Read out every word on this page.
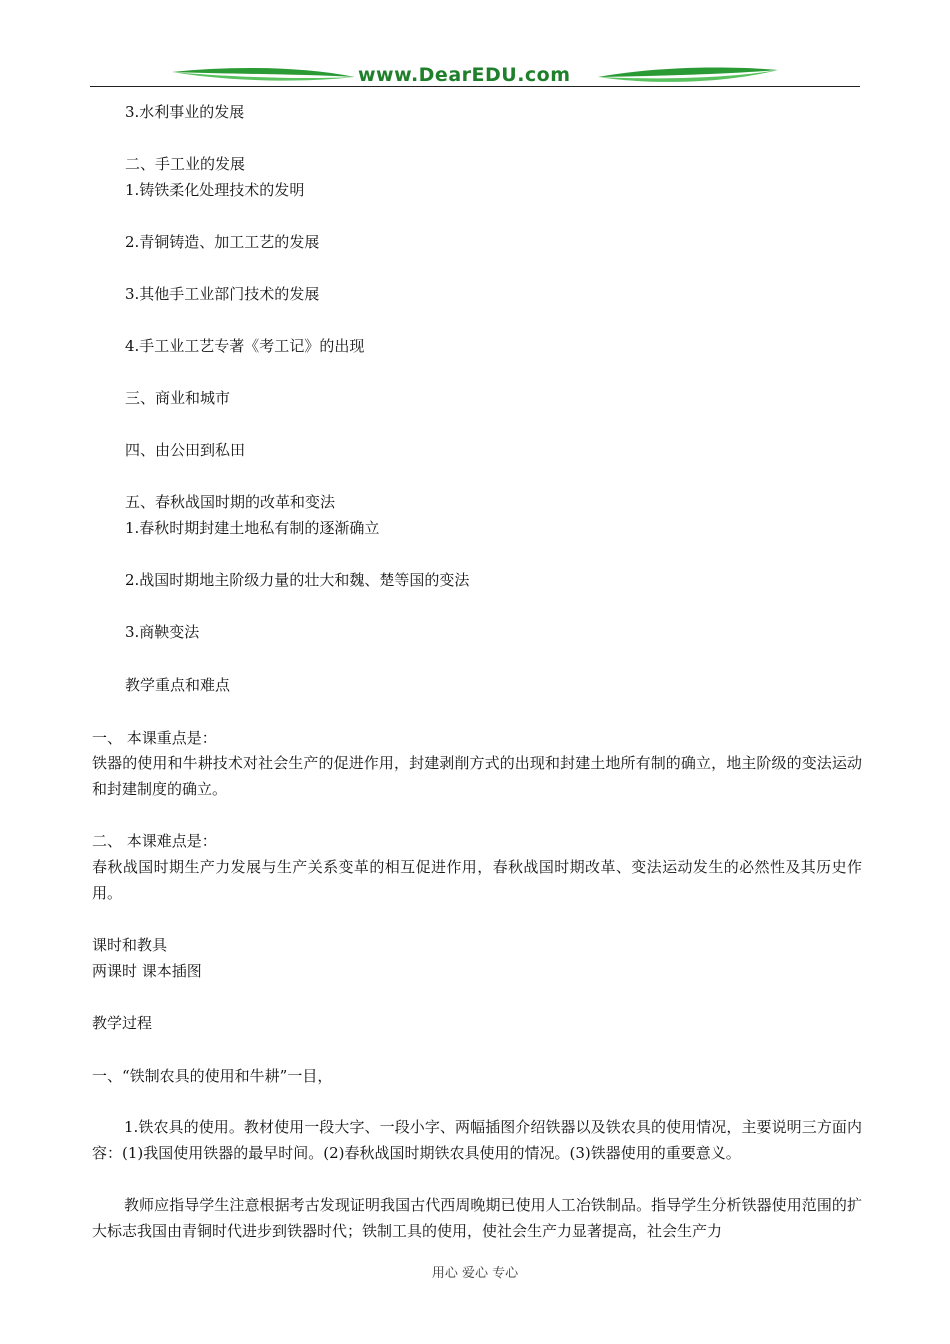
www.DearEDU.com
3.水利事业的发展
二、手工业的发展
1.铸铁柔化处理技术的发明
2.青铜铸造、加工工艺的发展
3.其他手工业部门技术的发展
4.手工业工艺专著《考工记》的出现
三、商业和城市
四、由公田到私田
五、春秋战国时期的改革和变法
1.春秋时期封建土地私有制的逐渐确立
2.战国时期地主阶级力量的壮大和魏、楚等国的变法
3.商鞅变法
教学重点和难点
一、 本课重点是：
铁器的使用和牛耕技术对社会生产的促进作用，封建剥削方式的出现和封建土地所有制的确立，地主阶级的变法运动和封建制度的确立。
二、 本课难点是：
春秋战国时期生产力发展与生产关系变革的相互促进作用，春秋战国时期改革、变法运动发生的必然性及其历史作用。
课时和教具
两课时 课本插图
教学过程
一、“铁制农具的使用和牛耕”一目，
1.铁农具的使用。教材使用一段大字、一段小字、两幅插图介绍铁器以及铁农具的使用情况，主要说明三方面内容：(1)我国使用铁器的最早时间。(2)春秋战国时期铁农具使用的情况。(3)铁器使用的重要意义。
教师应指导学生注意根据考古发现证明我国古代西周晚期已使用人工冶铁制品。指导学生分析铁器使用范围的扩大标志我国由青铜时代进步到铁器时代；铁制工具的使用，使社会生产力显著提高，社会生产力
用心 爱心 专心
